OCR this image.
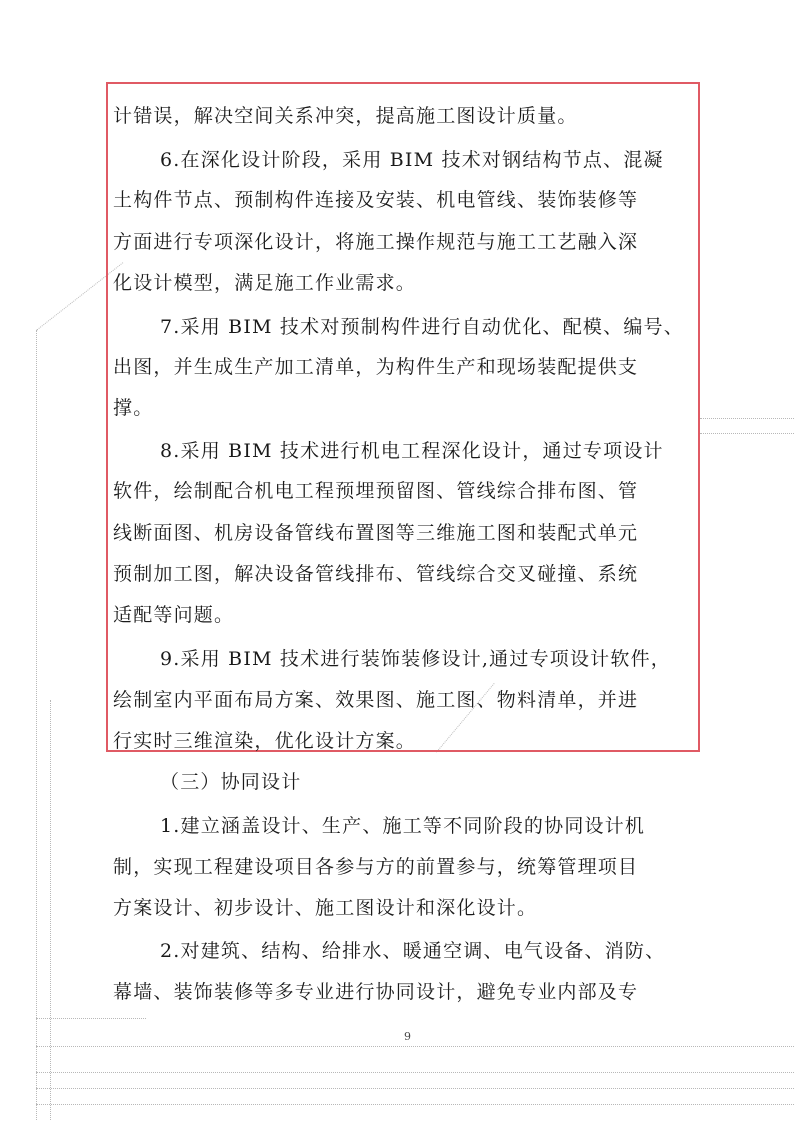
计错误，解决空间关系冲突，提高施工图设计质量。
6.在深化设计阶段，采用 BIM 技术对钢结构节点、混凝
土构件节点、预制构件连接及安装、机电管线、装饰装修等
方面进行专项深化设计，将施工操作规范与施工工艺融入深
化设计模型，满足施工作业需求。
7.采用 BIM 技术对预制构件进行自动优化、配模、编号、
出图，并生成生产加工清单，为构件生产和现场装配提供支
撑。
8.采用 BIM 技术进行机电工程深化设计，通过专项设计
软件，绘制配合机电工程预埋预留图、管线综合排布图、管
线断面图、机房设备管线布置图等三维施工图和装配式单元
预制加工图，解决设备管线排布、管线综合交叉碰撞、系统
适配等问题。
9.采用 BIM 技术进行装饰装修设计,通过专项设计软件，
绘制室内平面布局方案、效果图、施工图、物料清单，并进
行实时三维渲染，优化设计方案。
（三）协同设计
1.建立涵盖设计、生产、施工等不同阶段的协同设计机
制，实现工程建设项目各参与方的前置参与，统筹管理项目
方案设计、初步设计、施工图设计和深化设计。
2.对建筑、结构、给排水、暖通空调、电气设备、消防、
幕墙、装饰装修等多专业进行协同设计，避免专业内部及专
9
